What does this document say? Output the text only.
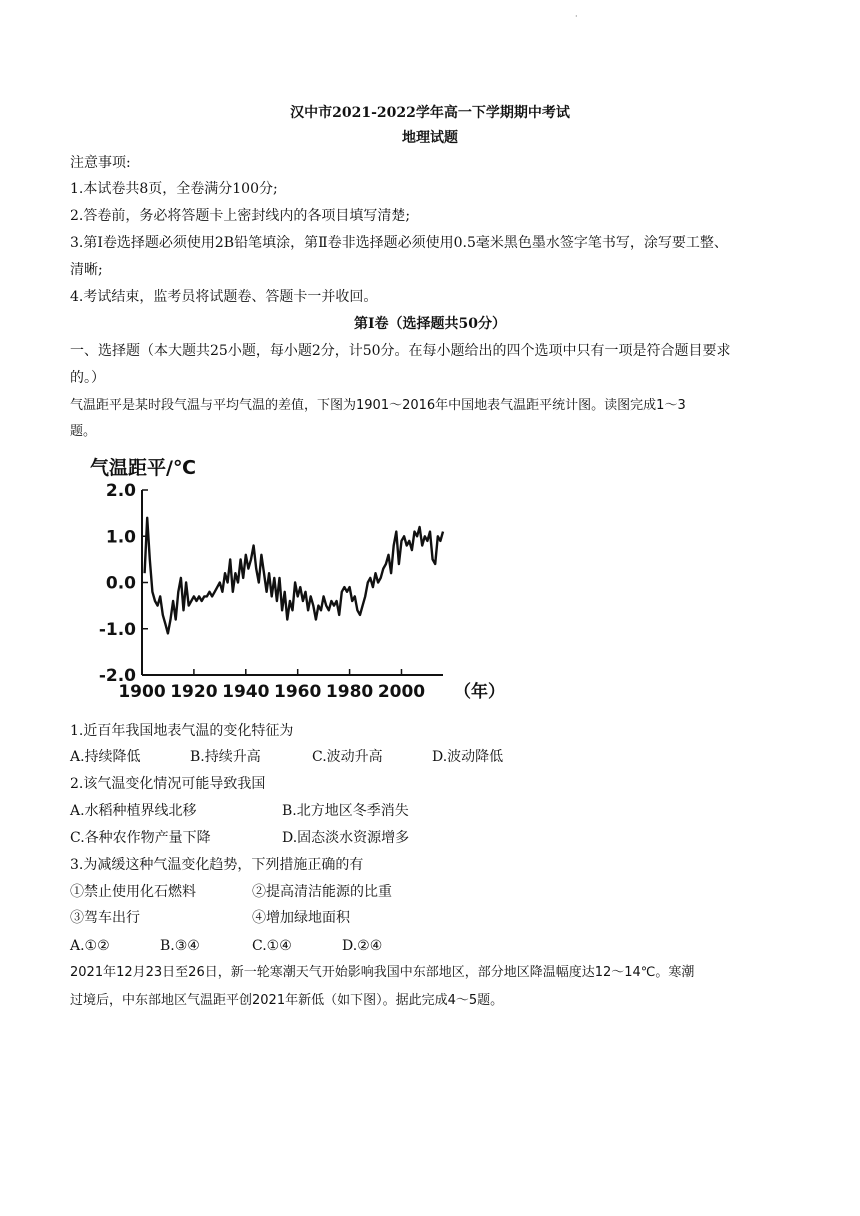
·
汉中市2021-2022学年高一下学期期中考试
地理试题
注意事项:
1.本试卷共8页，全卷满分100分;
2.答卷前，务必将答题卡上密封线内的各项目填写清楚;
3.第Ⅰ卷选择题必须使用2B铅笔填涂，第Ⅱ卷非选择题必须使用0.5毫米黑色墨水签字笔书写，涂写要工整、
清晰;
4.考试结束，监考员将试题卷、答题卡一并收回。
第Ⅰ卷（选择题共50分）
一、选择题（本大题共25小题，每小题2分，计50分。在每小题给出的四个选项中只有一项是符合题目要求
的。）
气温距平是某时段气温与平均气温的差值，下图为1901～2016年中国地表气温距平统计图。读图完成1～3
题。
2.0
1.0
0.0
-1.0
-2.0
1900 1920 1940 1960 1980 2000
气温距平/℃
（年）
1.近百年我国地表气温的变化特征为
A.持续降低	B.持续升高	C.波动升高	D.波动降低
2.该气温变化情况可能导致我国
A.水稻种植界线北移	B.北方地区冬季消失
C.各种农作物产量下降	D.固态淡水资源增多
3.为减缓这种气温变化趋势，下列措施正确的有
①禁止使用化石燃料	②提高清洁能源的比重
③驾车出行	④增加绿地面积
A.①②	B.③④	C.①④	D.②④
2021年12月23日至26日，新一轮寒潮天气开始影响我国中东部地区，部分地区降温幅度达12～14℃。寒潮
过境后，中东部地区气温距平创2021年新低（如下图）。据此完成4～5题。
